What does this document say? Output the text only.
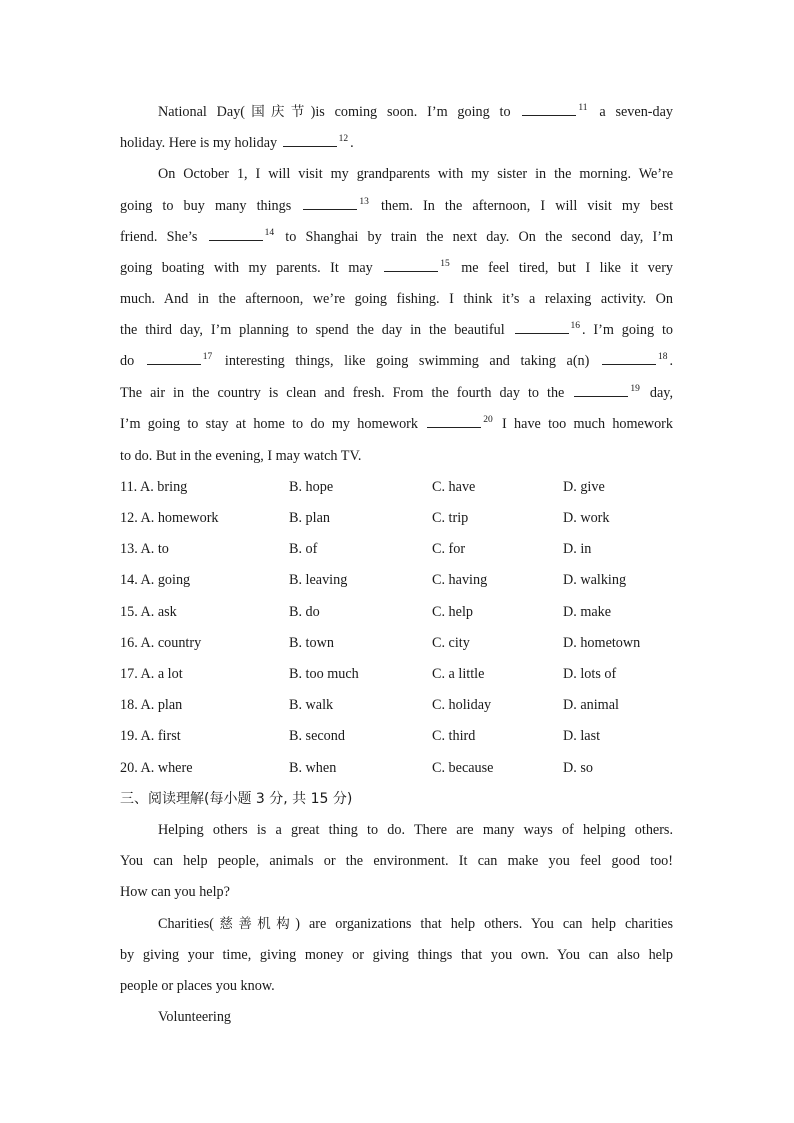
National Day(国庆节)is coming soon. I’m going to	$^{11}$ a seven-day
holiday. Here is my holiday	$^{12}$ .
On October 1, I will visit my grandparents with my sister in the morning. We’re
going to buy many things	$^{13}$ them. In the afternoon, I will visit my best
friend. She’s	$^{14}$ to Shanghai by train the next day. On the second day, I’m
going boating with my parents. It may	$^{15}$ me feel tired, but I like it very
much. And in the afternoon, we’re going fishing. I think it’s a relaxing activity. On
the third day, I’m planning to spend the day in the beautiful	$^{16}$ . I’m going to
do	$^{17}$ interesting things, like going swimming and taking a(n)	$^{18}$ .
The air in the country is clean and fresh. From the fourth day to the	$^{19}$ day,
I’m going to stay at home to do my homework	$^{20}$ I have too much homework
to do. But in the evening, I may watch TV.
11. A. bring	B. hope	C. have	D. give
12. A. homework	B. plan	C. trip	D. work
13. A. to	B. of	C. for	D. in
14. A. going	B. leaving	C. having	D. walking
15. A. ask	B. do	C. help	D. make
16. A. country	B. town	C. city	D. hometown
17. A. a lot	B. too much	C. a little	D. lots of
18. A. plan	B. walk	C. holiday	D. animal
19. A. first	B. second	C. third	D. last
20. A. where	B. when	C. because	D. so
三、阅读理解(每小题 3 分, 共 15 分)
Helping others is a great thing to do. There are many ways of helping others.
You can help people, animals or the environment. It can make you feel good too!
How can you help?
Charities(慈善机构) are organizations that help others. You can help charities
by giving your time, giving money or giving things that you own. You can also help
people or places you know.
Volunteering
